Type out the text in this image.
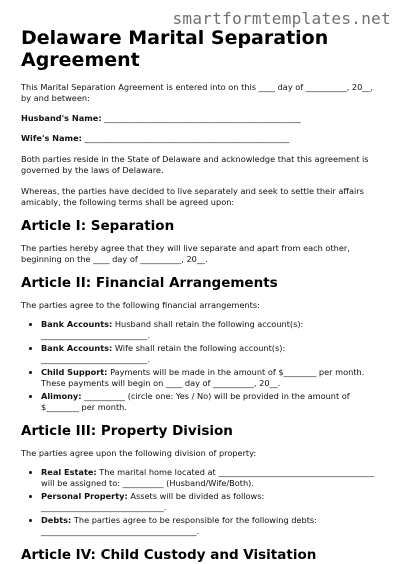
smartformtemplates.net
Delaware Marital Separation Agreement

This Marital Separation Agreement is entered into on this ____ day of __________, 20__, by and between:

Husband's Name: ________________________________________________
Wife's Name: __________________________________________________

Both parties reside in the State of Delaware and acknowledge that this agreement is governed by the laws of Delaware.

Whereas, the parties have decided to live separately and seek to settle their affairs amicably, the following terms shall be agreed upon:

Article I: Separation

The parties hereby agree that they will live separate and apart from each other, beginning on the ____ day of __________, 20__.

Article II: Financial Arrangements

The parties agree to the following financial arrangements:

• Bank Accounts: Husband shall retain the following account(s):
__________________________.
• Bank Accounts: Wife shall retain the following account(s):
__________________________.
• Child Support: Payments will be made in the amount of $________ per month. These payments will begin on ____ day of __________, 20__.
• Alimony: __________ (circle one: Yes / No) will be provided in the amount of $________ per month.
Article III: Property Division

The parties agree upon the following division of property:

• Real Estate: The marital home located at ______________________________________ will be assigned to: __________ (Husband/Wife/Both).
• Personal Property: Assets will be divided as follows:
______________________________.
• Debts: The parties agree to be responsible for the following debts:
______________________________________.
Article IV: Child Custody and Visitation
